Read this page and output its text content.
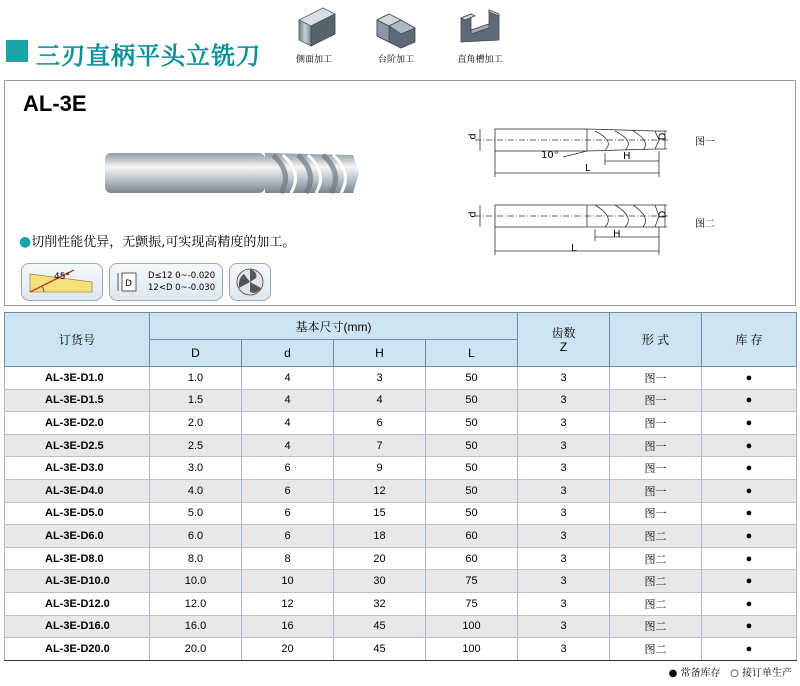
三刃直柄平头立铣刀	侧面加工	台阶加工	直角槽加工
AL-3E
d
10°
D
H
L
图一
d	D
H
L
图二
●切削性能优异，无颤振,可实现高精度的加工。
45°
D
D≤12 0~-0.020
12<D 0~-0.030
订货号	基本尺寸(mm)				齿数
Z	形 式	库 存
	D	d	H	L			
AL-3E-D1.0	1.0	4	3	50	3	图一	●
AL-3E-D1.5	1.5	4	4	50	3	图一	●
AL-3E-D2.0	2.0	4	6	50	3	图一	●
AL-3E-D2.5	2.5	4	7	50	3	图一	●
AL-3E-D3.0	3.0	6	9	50	3	图一	●
AL-3E-D4.0	4.0	6	12	50	3	图一	●
AL-3E-D5.0	5.0	6	15	50	3	图一	●
AL-3E-D6.0	6.0	6	18	60	3	图二	●
AL-3E-D8.0	8.0	8	20	60	3	图二	●
AL-3E-D10.0	10.0	10	30	75	3	图二	●
AL-3E-D12.0	12.0	12	32	75	3	图二	●
AL-3E-D16.0	16.0	16	45	100	3	图二	●
AL-3E-D20.0	20.0	20	45	100	3	图二	●
● 常备库存 ○ 接订单生产
